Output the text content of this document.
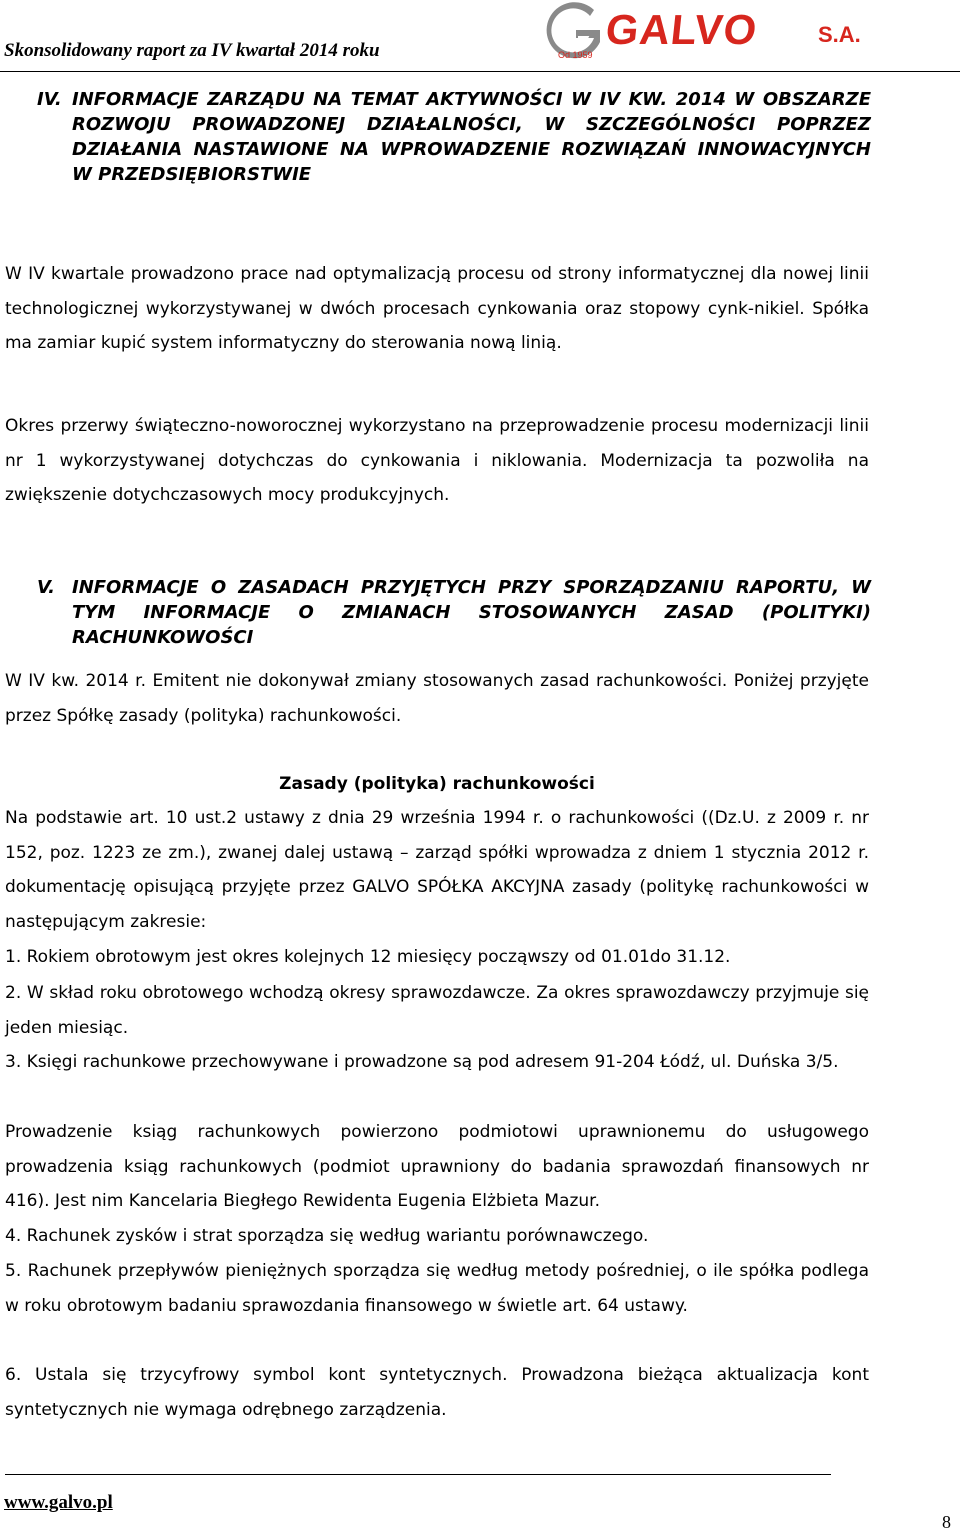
Skonsolidowany raport za IV kwartał 2014 roku	GALVO	S.A.
Od 1959
IV. INFORMACJE ZARZĄDU NA TEMAT AKTYWNOŚCI W IV KW. 2014 W OBSZARZE ROZWOJU PROWADZONEJ DZIAŁALNOŚCI, W SZCZEGÓLNOŚCI POPRZEZ DZIAŁANIA NASTAWIONE NA WPROWADZENIE ROZWIĄZAŃ INNOWACYJNYCH W PRZEDSIĘBIORSTWIE

W IV kwartale prowadzono prace nad optymalizacją procesu od strony informatycznej dla nowej linii technologicznej wykorzystywanej w dwóch procesach cynkowania oraz stopowy cynk-nikiel. Spółka ma zamiar kupić system informatyczny do sterowania nową linią.

Okres przerwy świąteczno-noworocznej wykorzystano na przeprowadzenie procesu modernizacji linii nr 1 wykorzystywanej dotychczas do cynkowania i niklowania. Modernizacja ta pozwoliła na zwiększenie dotychczasowych mocy produkcyjnych.

V. INFORMACJE O ZASADACH PRZYJĘTYCH PRZY SPORZĄDZANIU RAPORTU, W TYM INFORMACJE O ZMIANACH STOSOWANYCH ZASAD (POLITYKI) RACHUNKOWOŚCI

W IV kw. 2014 r. Emitent nie dokonywał zmiany stosowanych zasad rachunkowości. Poniżej przyjęte przez Spółkę zasady (polityka) rachunkowości.

Zasady (polityka) rachunkowości

Na podstawie art. 10 ust.2 ustawy z dnia 29 września 1994 r. o rachunkowości ((Dz.U. z 2009 r. nr 152, poz. 1223 ze zm.), zwanej dalej ustawą – zarząd spółki wprowadza z dniem 1 stycznia 2012 r. dokumentację opisującą przyjęte przez GALVO SPÓŁKA AKCYJNA zasady (politykę rachunkowości w następującym zakresie:

1. Rokiem obrotowym jest okres kolejnych 12 miesięcy począwszy od 01.01do 31.12.

2. W skład roku obrotowego wchodzą okresy sprawozdawcze. Za okres sprawozdawczy przyjmuje się jeden miesiąc.

3. Księgi rachunkowe przechowywane i prowadzone są pod adresem 91-204 Łódź, ul. Duńska 3/5.

Prowadzenie ksiąg rachunkowych powierzono podmiotowi uprawnionemu do usługowego prowadzenia ksiąg rachunkowych (podmiot uprawniony do badania sprawozdań finansowych nr 416). Jest nim Kancelaria Biegłego Rewidenta Eugenia Elżbieta Mazur.

4. Rachunek zysków i strat sporządza się według wariantu porównawczego.

5. Rachunek przepływów pieniężnych sporządza się według metody pośredniej, o ile spółka podlega w roku obrotowym badaniu sprawozdania finansowego w świetle art. 64 ustawy.

6. Ustala się trzycyfrowy symbol kont syntetycznych. Prowadzona bieżąca aktualizacja kont syntetycznych nie wymaga odrębnego zarządzenia.

www.galvo.pl
8
